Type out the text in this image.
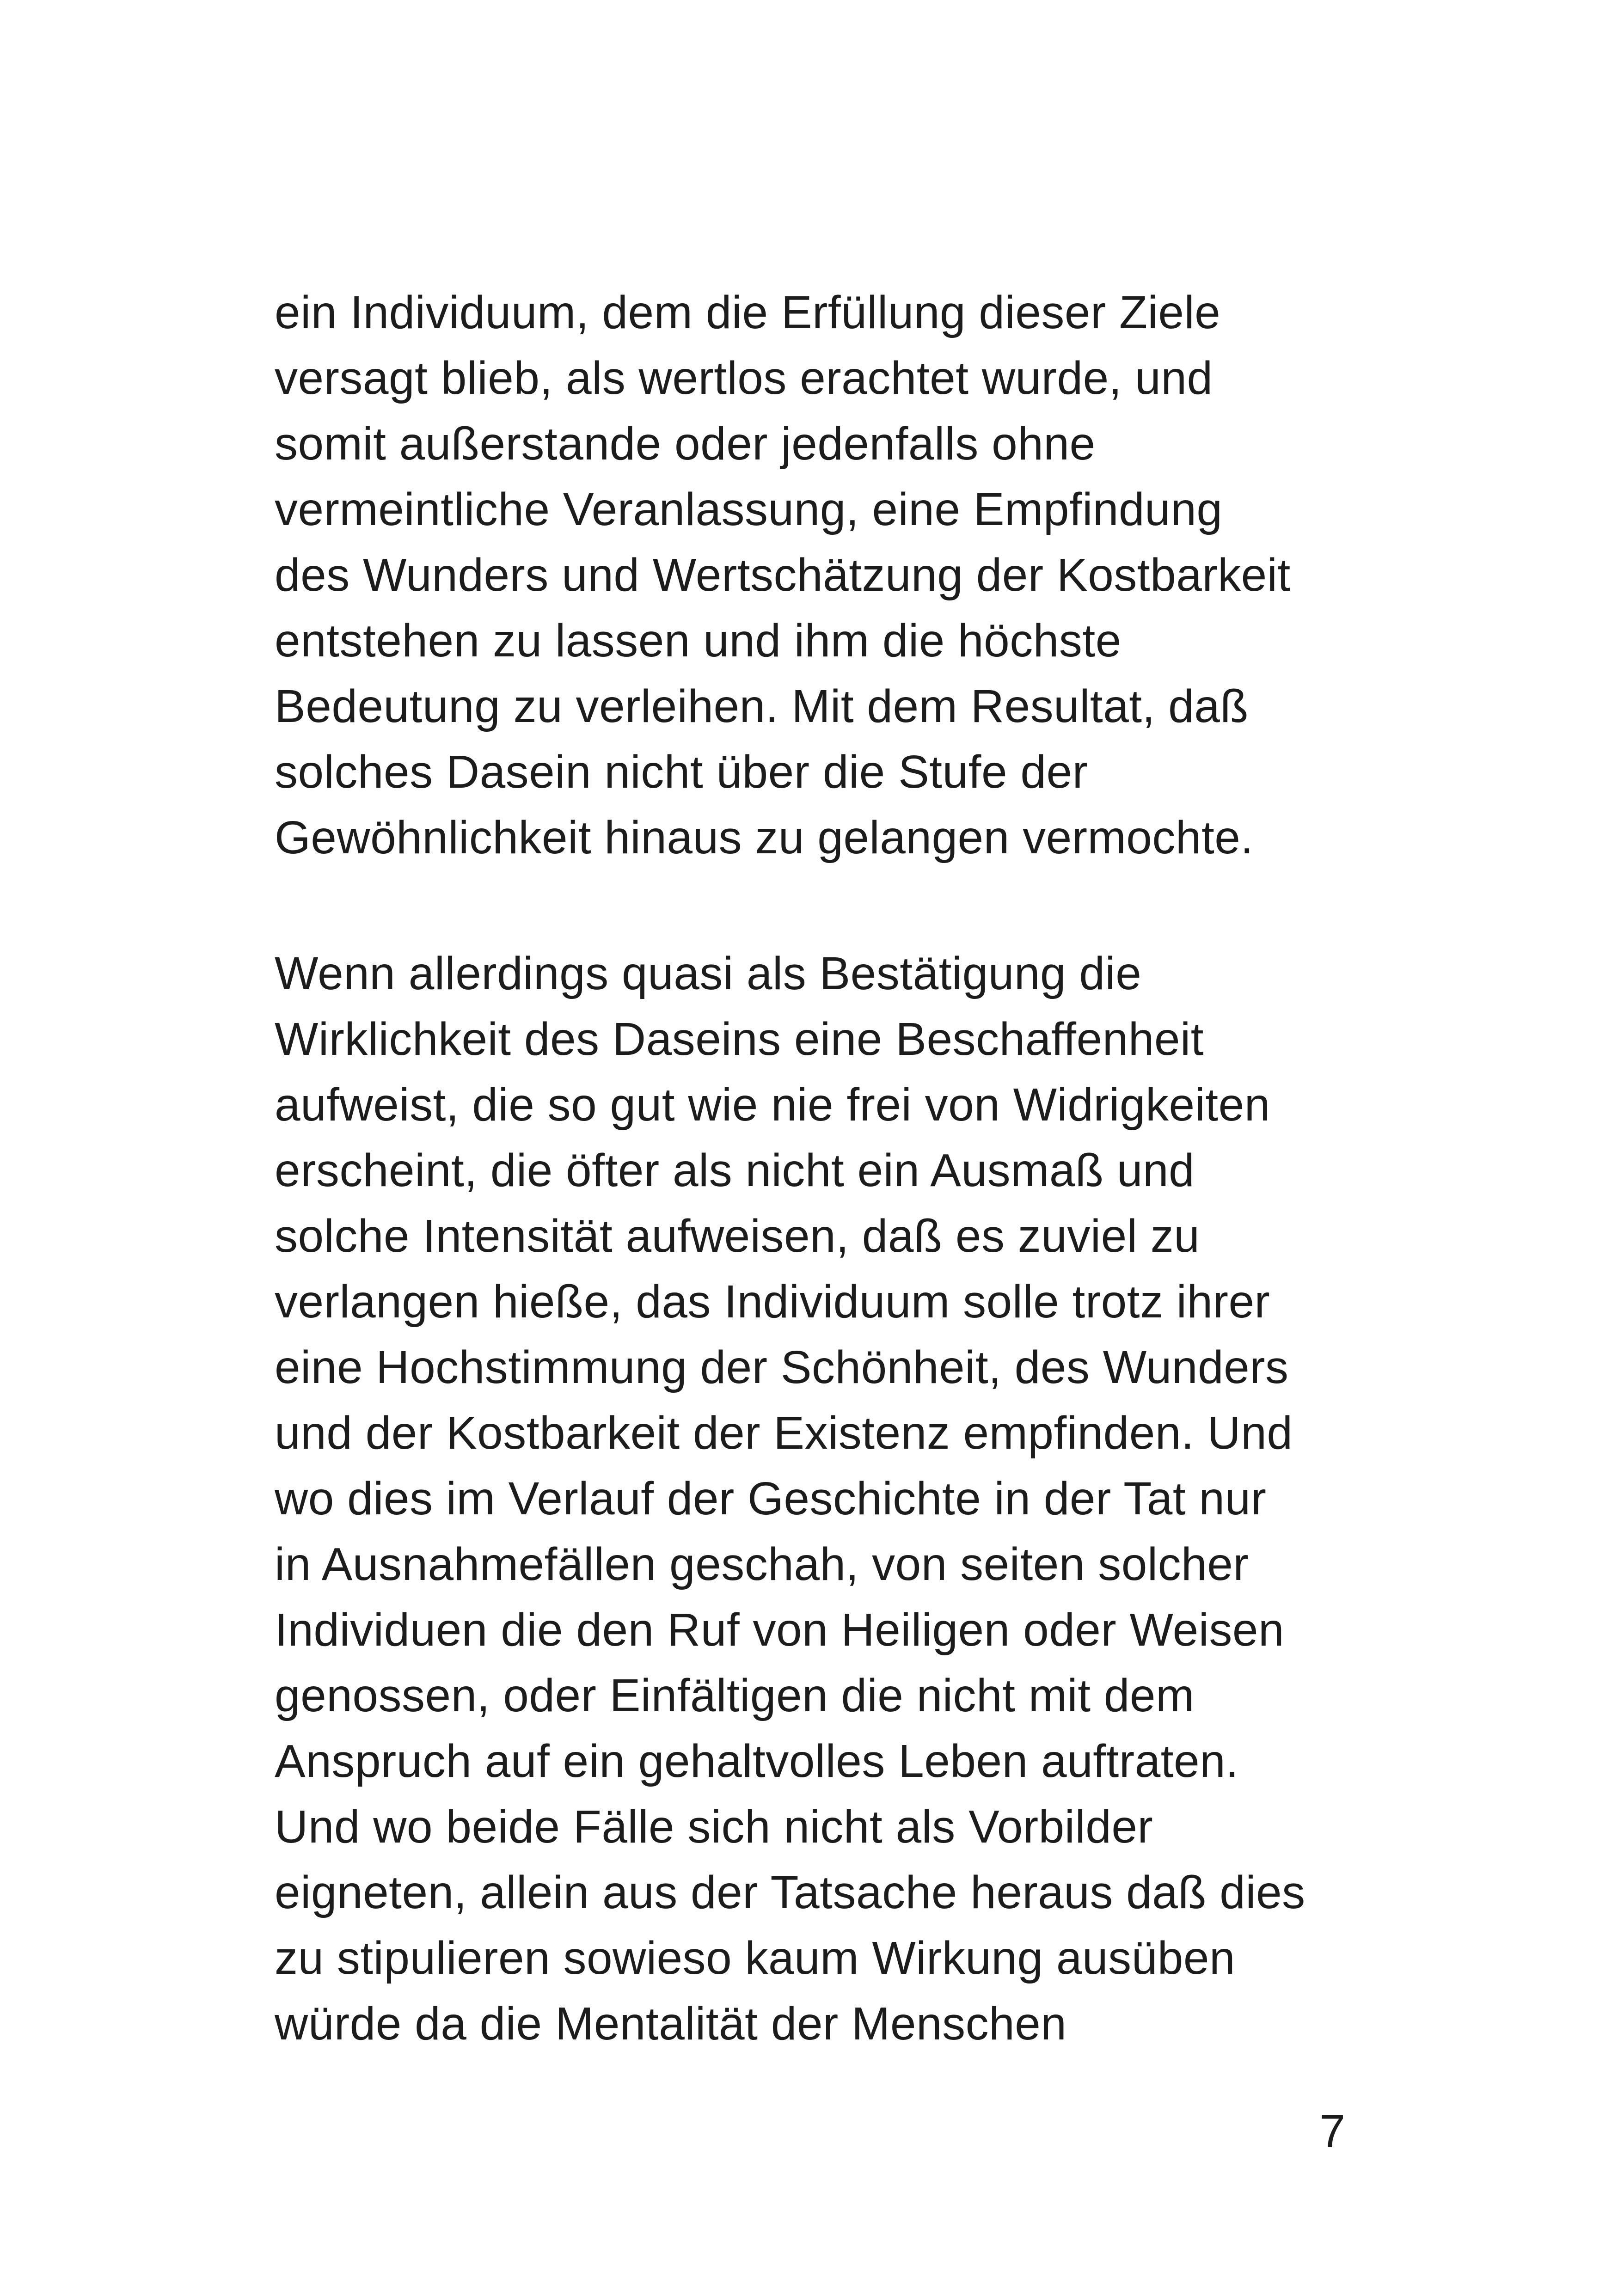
ein Individuum, dem die Erfüllung dieser Ziele
versagt blieb, als wertlos erachtet wurde, und
somit außerstande oder jedenfalls ohne
vermeintliche Veranlassung, eine Empfindung
des Wunders und Wertschätzung der Kostbarkeit
entstehen zu lassen und ihm die höchste
Bedeutung zu verleihen. Mit dem Resultat, daß
solches Dasein nicht über die Stufe der
Gewöhnlichkeit hinaus zu gelangen vermochte.

Wenn allerdings quasi als Bestätigung die
Wirklichkeit des Daseins eine Beschaffenheit
aufweist, die so gut wie nie frei von Widrigkeiten
erscheint, die öfter als nicht ein Ausmaß und
solche Intensität aufweisen, daß es zuviel zu
verlangen hieße, das Individuum solle trotz ihrer
eine Hochstimmung der Schönheit, des Wunders
und der Kostbarkeit der Existenz empfinden. Und
wo dies im Verlauf der Geschichte in der Tat nur
in Ausnahmefällen geschah, von seiten solcher
Individuen die den Ruf von Heiligen oder Weisen
genossen, oder Einfältigen die nicht mit dem
Anspruch auf ein gehaltvolles Leben auftraten.
Und wo beide Fälle sich nicht als Vorbilder
eigneten, allein aus der Tatsache heraus daß dies
zu stipulieren sowieso kaum Wirkung ausüben
würde da die Mentalität der Menschen

7
